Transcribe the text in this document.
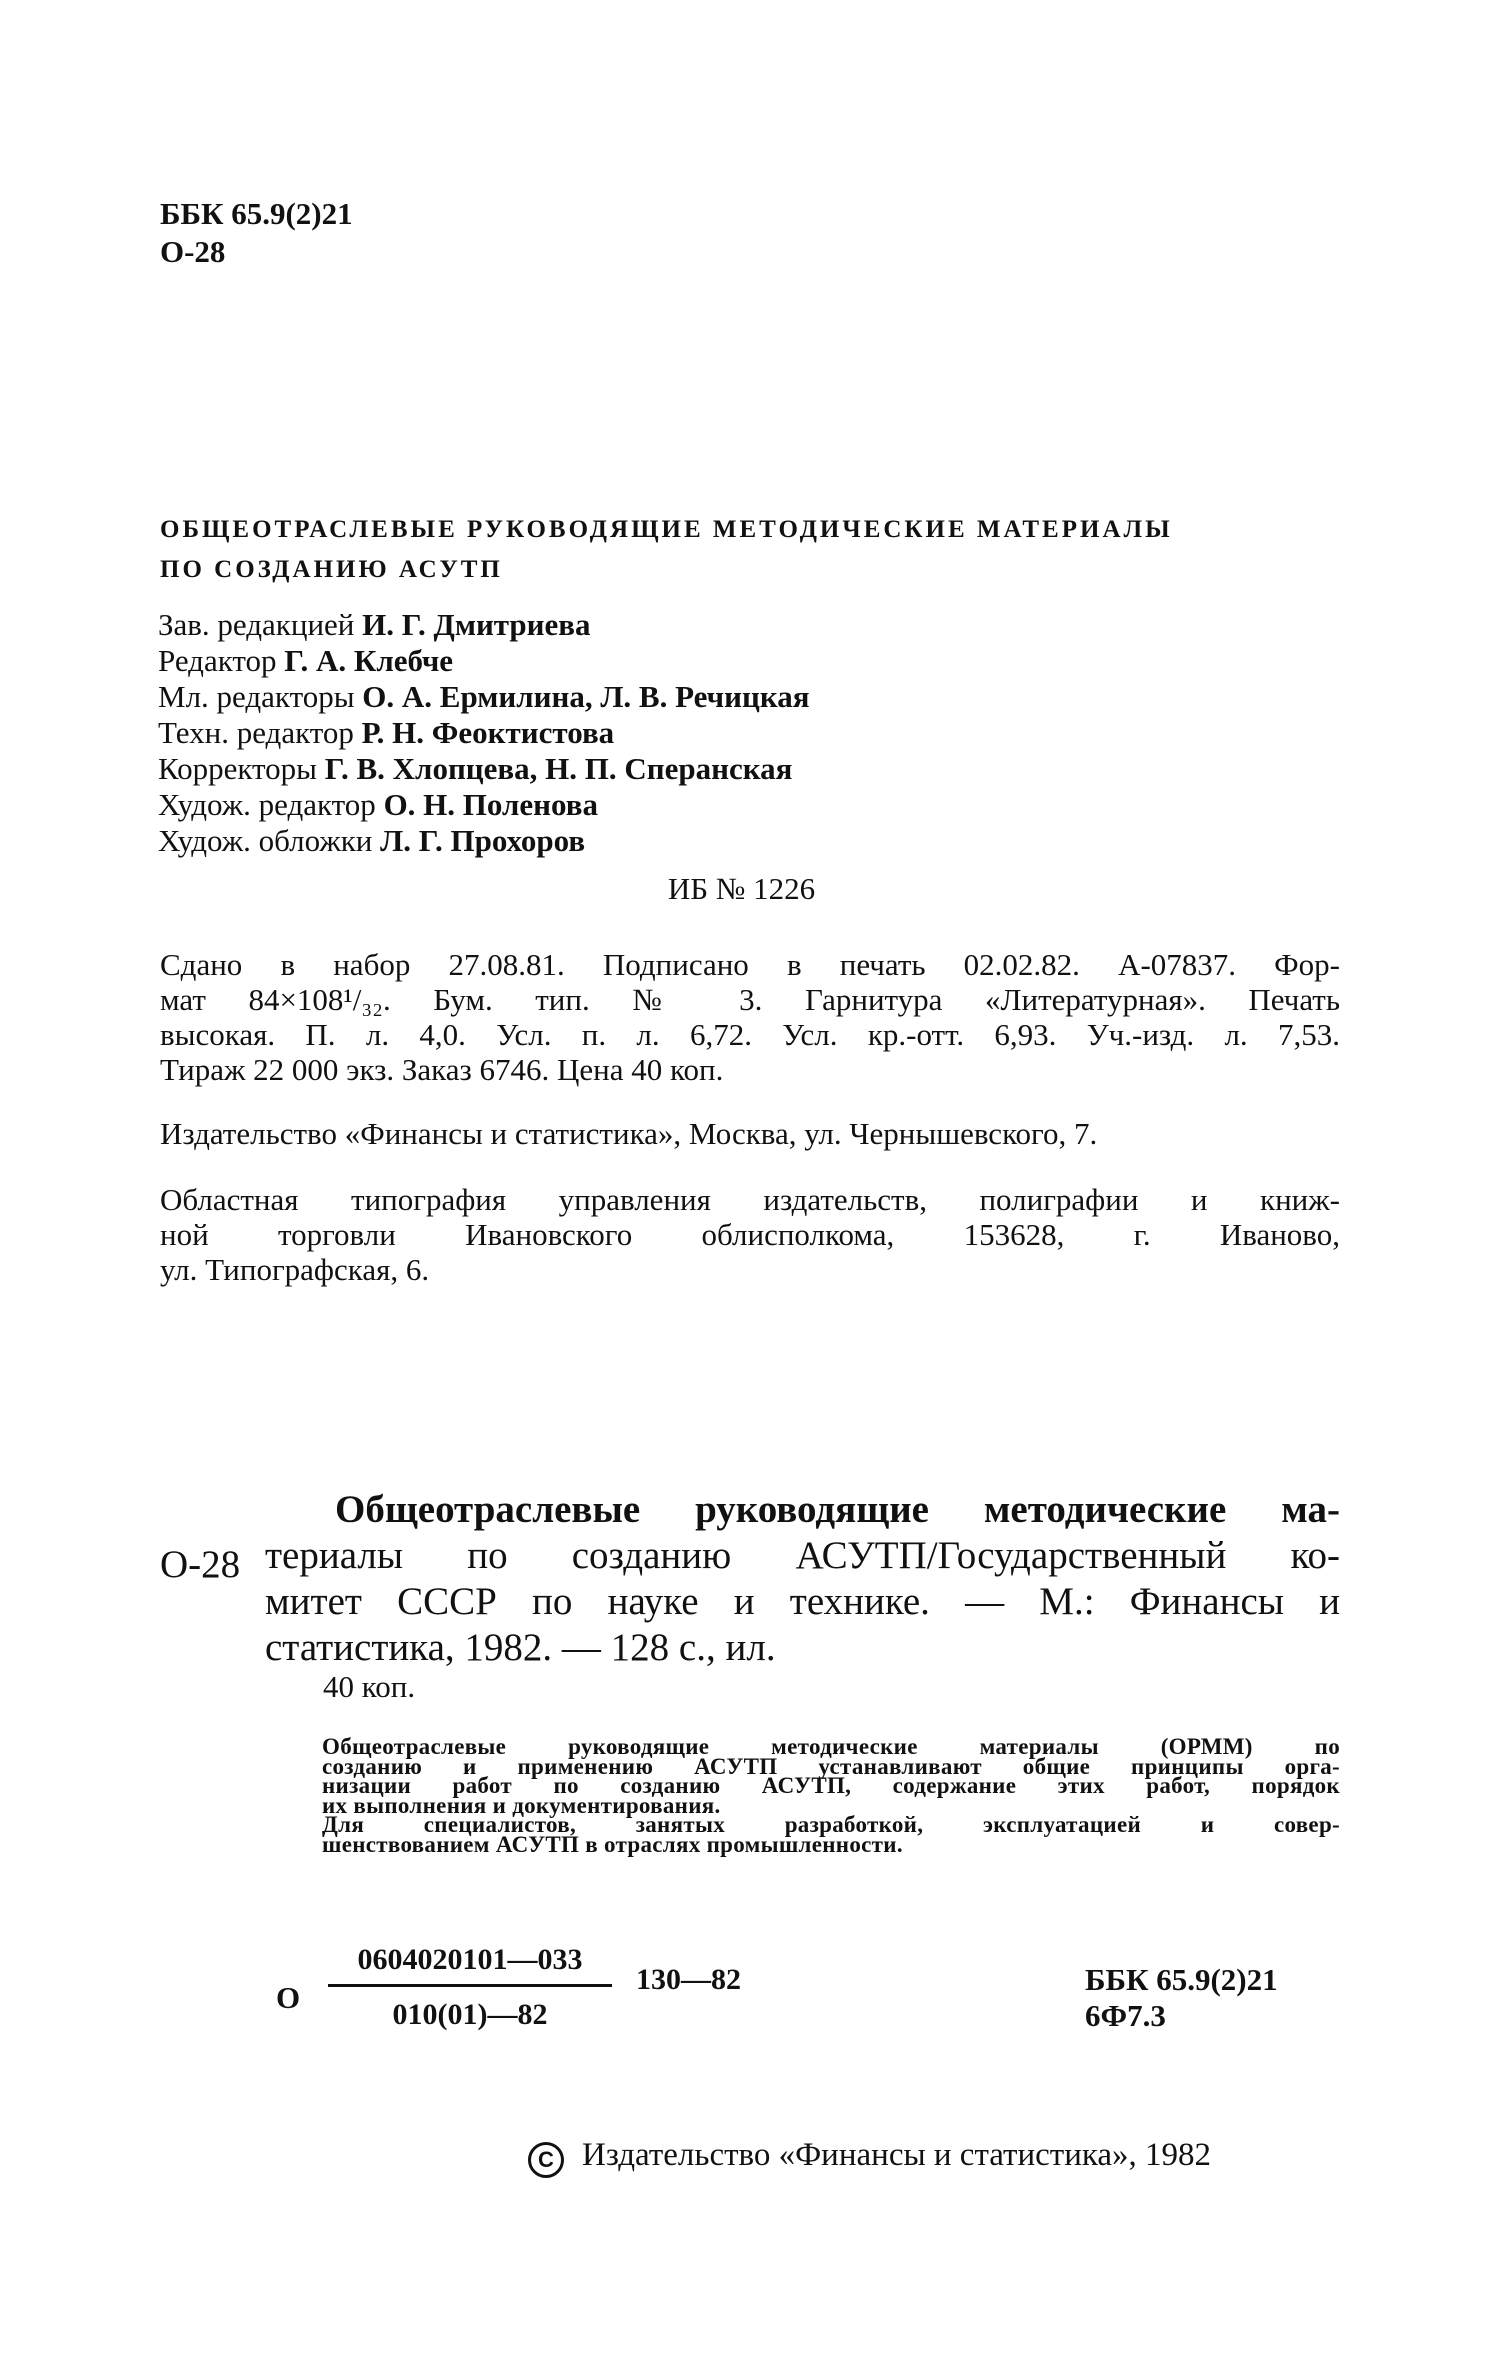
ББК 65.9(2)21
О-28
ОБЩЕОТРАСЛЕВЫЕ РУКОВОДЯЩИЕ МЕТОДИЧЕСКИЕ МАТЕРИАЛЫ
ПО СОЗДАНИЮ АСУТП
Зав. редакцией И. Г. Дмитриева
Редактор Г. А. Клебче
Мл. редакторы О. А. Ермилина, Л. В. Речицкая
Техн. редактор Р. Н. Феоктистова
Корректоры Г. В. Хлопцева, Н. П. Сперанская
Худож. редактор О. Н. Поленова
Худож. обложки Л. Г. Прохоров
ИБ № 1226
Сдано в набор 27.08.81. Подписано в печать 02.02.82. А-07837. Фор-
мат 84×108¹/₃₂. Бум. тип. № 3. Гарнитура «Литературная». Печать
высокая. П. л. 4,0. Усл. п. л. 6,72. Усл. кр.-отт. 6,93. Уч.-изд. л. 7,53.
Тираж 22 000 экз. Заказ 6746. Цена 40 коп.
Издательство «Финансы и статистика», Москва, ул. Чернышевского, 7.
Областная типография управления издательств, полиграфии и книж-
ной торговли Ивановского облисполкома, 153628, г. Иваново,
ул. Типографская, 6.
О-28
Общеотраслевые руководящие методические ма-
териалы по созданию АСУТП/Государственный ко-
митет СССР по науке и технике. — М.: Финансы и
статистика, 1982. — 128 с., ил.
40 коп.
Общеотраслевые руководящие методические материалы (ОРММ) по
созданию и применению АСУТП устанавливают общие принципы орга-
низации работ по созданию АСУТП, содержание этих работ, порядок
их выполнения и документирования.
Для специалистов, занятых разработкой, эксплуатацией и совер-
шенствованием АСУТП в отраслях промышленности.
О
0604020101—033
010(01)—82
130—82	ББК 65.9(2)21
6Ф7.3
C Издательство «Финансы и статистика», 1982
